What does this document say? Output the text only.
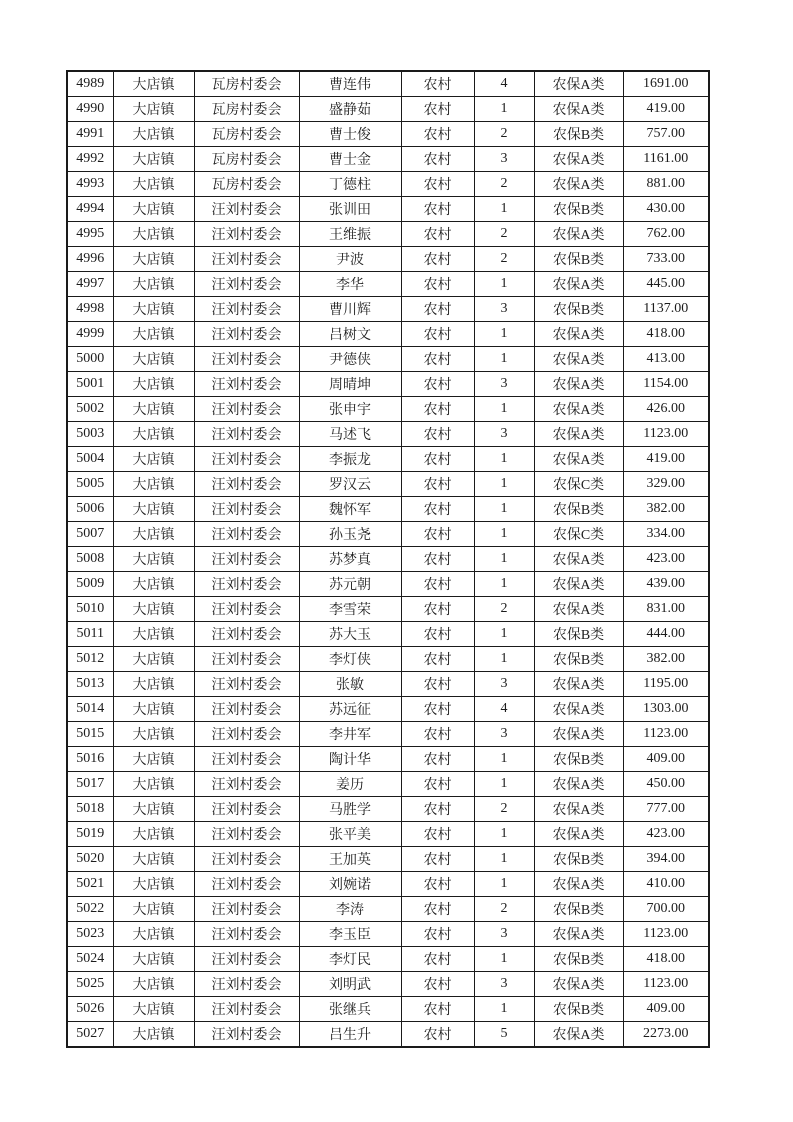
4989	大店镇	瓦房村委会	曹连伟	农村	4	农保A类	1691.00
4990	大店镇	瓦房村委会	盛静茹	农村	1	农保A类	419.00
4991	大店镇	瓦房村委会	曹士俊	农村	2	农保B类	757.00
4992	大店镇	瓦房村委会	曹士金	农村	3	农保A类	1161.00
4993	大店镇	瓦房村委会	丁德柱	农村	2	农保A类	881.00
4994	大店镇	汪刘村委会	张训田	农村	1	农保B类	430.00
4995	大店镇	汪刘村委会	王维振	农村	2	农保A类	762.00
4996	大店镇	汪刘村委会	尹波	农村	2	农保B类	733.00
4997	大店镇	汪刘村委会	李华	农村	1	农保A类	445.00
4998	大店镇	汪刘村委会	曹川辉	农村	3	农保B类	1137.00
4999	大店镇	汪刘村委会	吕树文	农村	1	农保A类	418.00
5000	大店镇	汪刘村委会	尹德侠	农村	1	农保A类	413.00
5001	大店镇	汪刘村委会	周晴坤	农村	3	农保A类	1154.00
5002	大店镇	汪刘村委会	张申宇	农村	1	农保A类	426.00
5003	大店镇	汪刘村委会	马述飞	农村	3	农保A类	1123.00
5004	大店镇	汪刘村委会	李振龙	农村	1	农保A类	419.00
5005	大店镇	汪刘村委会	罗汉云	农村	1	农保C类	329.00
5006	大店镇	汪刘村委会	魏怀军	农村	1	农保B类	382.00
5007	大店镇	汪刘村委会	孙玉尧	农村	1	农保C类	334.00
5008	大店镇	汪刘村委会	苏梦真	农村	1	农保A类	423.00
5009	大店镇	汪刘村委会	苏元朝	农村	1	农保A类	439.00
5010	大店镇	汪刘村委会	李雪荣	农村	2	农保A类	831.00
5011	大店镇	汪刘村委会	苏大玉	农村	1	农保B类	444.00
5012	大店镇	汪刘村委会	李灯侠	农村	1	农保B类	382.00
5013	大店镇	汪刘村委会	张敏	农村	3	农保A类	1195.00
5014	大店镇	汪刘村委会	苏远征	农村	4	农保A类	1303.00
5015	大店镇	汪刘村委会	李井军	农村	3	农保A类	1123.00
5016	大店镇	汪刘村委会	陶计华	农村	1	农保B类	409.00
5017	大店镇	汪刘村委会	姜历	农村	1	农保A类	450.00
5018	大店镇	汪刘村委会	马胜学	农村	2	农保A类	777.00
5019	大店镇	汪刘村委会	张平美	农村	1	农保A类	423.00
5020	大店镇	汪刘村委会	王加英	农村	1	农保B类	394.00
5021	大店镇	汪刘村委会	刘婉诺	农村	1	农保A类	410.00
5022	大店镇	汪刘村委会	李涛	农村	2	农保B类	700.00
5023	大店镇	汪刘村委会	李玉臣	农村	3	农保A类	1123.00
5024	大店镇	汪刘村委会	李灯民	农村	1	农保B类	418.00
5025	大店镇	汪刘村委会	刘明武	农村	3	农保A类	1123.00
5026	大店镇	汪刘村委会	张继兵	农村	1	农保B类	409.00
5027	大店镇	汪刘村委会	吕生升	农村	5	农保A类	2273.00
